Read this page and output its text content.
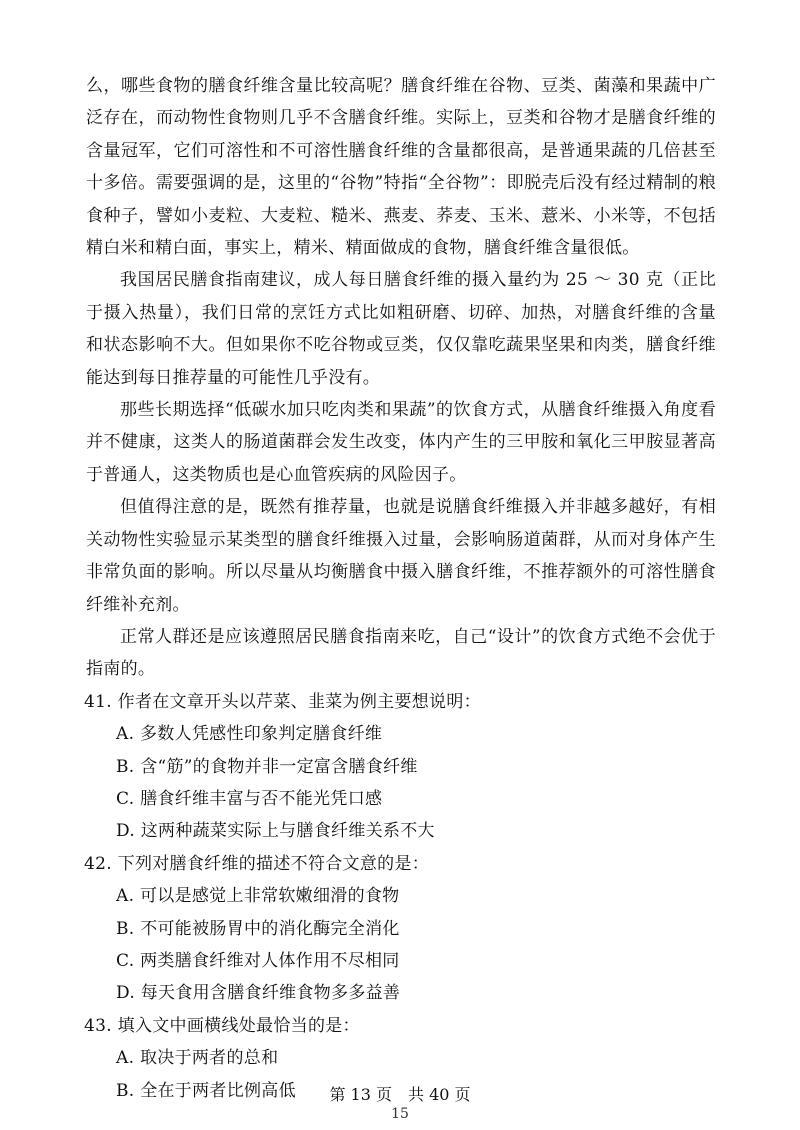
么，哪些食物的膳食纤维含量比较高呢？膳食纤维在谷物、豆类、菌藻和果蔬中广泛存在，而动物性食物则几乎不含膳食纤维。实际上，豆类和谷物才是膳食纤维的含量冠军，它们可溶性和不可溶性膳食纤维的含量都很高，是普通果蔬的几倍甚至十多倍。需要强调的是，这里的“谷物”特指“全谷物”：即脱壳后没有经过精制的粮食种子，譬如小麦粒、大麦粒、糙米、燕麦、荞麦、玉米、薏米、小米等，不包括精白米和精白面，事实上，精米、精面做成的食物，膳食纤维含量很低。

我国居民膳食指南建议，成人每日膳食纤维的摄入量约为 25 ～ 30 克（正比于摄入热量），我们日常的烹饪方式比如粗研磨、切碎、加热，对膳食纤维的含量和状态影响不大。但如果你不吃谷物或豆类，仅仅靠吃蔬果坚果和肉类，膳食纤维能达到每日推荐量的可能性几乎没有。

那些长期选择“低碳水加只吃肉类和果蔬”的饮食方式，从膳食纤维摄入角度看并不健康，这类人的肠道菌群会发生改变，体内产生的三甲胺和氧化三甲胺显著高于普通人，这类物质也是心血管疾病的风险因子。

但值得注意的是，既然有推荐量，也就是说膳食纤维摄入并非越多越好，有相关动物性实验显示某类型的膳食纤维摄入过量，会影响肠道菌群，从而对身体产生非常负面的影响。所以尽量从均衡膳食中摄入膳食纤维，不推荐额外的可溶性膳食纤维补充剂。

正常人群还是应该遵照居民膳食指南来吃，自己“设计”的饮食方式绝不会优于指南的。

41. 作者在文章开头以芹菜、韭菜为例主要想说明：

A. 多数人凭感性印象判定膳食纤维

B. 含“筋”的食物并非一定富含膳食纤维

C. 膳食纤维丰富与否不能光凭口感

D. 这两种蔬菜实际上与膳食纤维关系不大

42. 下列对膳食纤维的描述不符合文意的是：

A. 可以是感觉上非常软嫩细滑的食物

B. 不可能被肠胃中的消化酶完全消化

C. 两类膳食纤维对人体作用不尽相同

D. 每天食用含膳食纤维食物多多益善

43. 填入文中画横线处最恰当的是：

A. 取决于两者的总和

B. 全在于两者比例高低	第 13 页　共 40 页
15
